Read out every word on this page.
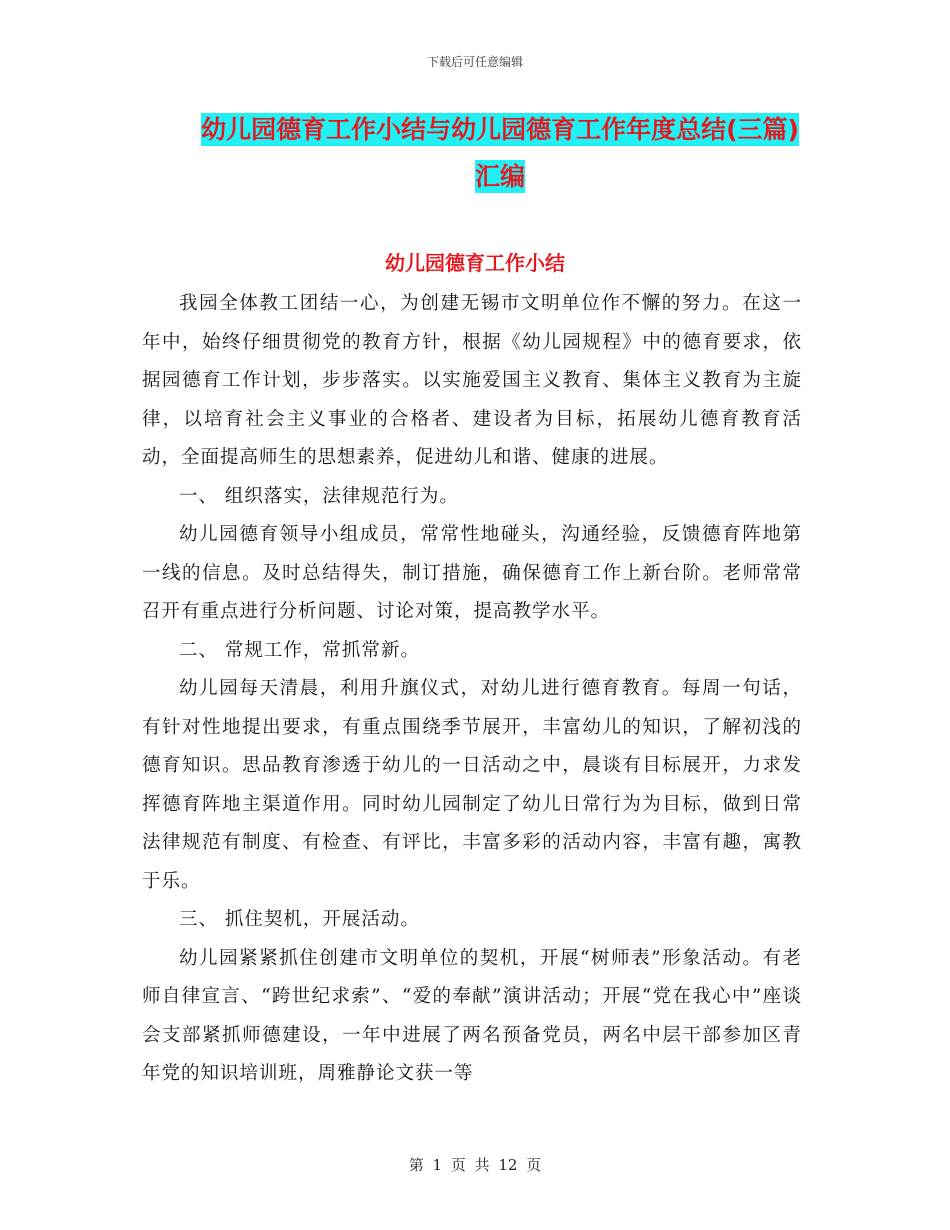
下载后可任意编辑
幼儿园德育工作小结与幼儿园德育工作年度总结(三篇)汇编
幼儿园德育工作小结

我园全体教工团结一心，为创建无锡市文明单位作不懈的努力。在这一年中，始终仔细贯彻党的教育方针，根据《幼儿园规程》中的德育要求，依据园德育工作计划，步步落实。以实施爱国主义教育、集体主义教育为主旋律，以培育社会主义事业的合格者、建设者为目标，拓展幼儿德育教育活动，全面提高师生的思想素养，促进幼儿和谐、健康的进展。

一、 组织落实，法律规范行为。

幼儿园德育领导小组成员，常常性地碰头，沟通经验，反馈德育阵地第一线的信息。及时总结得失，制订措施，确保德育工作上新台阶。老师常常召开有重点进行分析问题、讨论对策，提高教学水平。

二、 常规工作，常抓常新。

幼儿园每天清晨，利用升旗仪式，对幼儿进行德育教育。每周一句话，有针对性地提出要求，有重点围绕季节展开，丰富幼儿的知识，了解初浅的德育知识。思品教育渗透于幼儿的一日活动之中，晨谈有目标展开，力求发挥德育阵地主渠道作用。同时幼儿园制定了幼儿日常行为为目标，做到日常法律规范有制度、有检查、有评比，丰富多彩的活动内容，丰富有趣，寓教于乐。

三、 抓住契机，开展活动。

幼儿园紧紧抓住创建市文明单位的契机，开展“树师表”形象活动。有老师自律宣言、“跨世纪求索”、“爱的奉献”演讲活动；开展“党在我心中”座谈会支部紧抓师德建设，一年中进展了两名预备党员，两名中层干部参加区青年党的知识培训班，周雅静论文获一等

第 1 页 共 12 页
